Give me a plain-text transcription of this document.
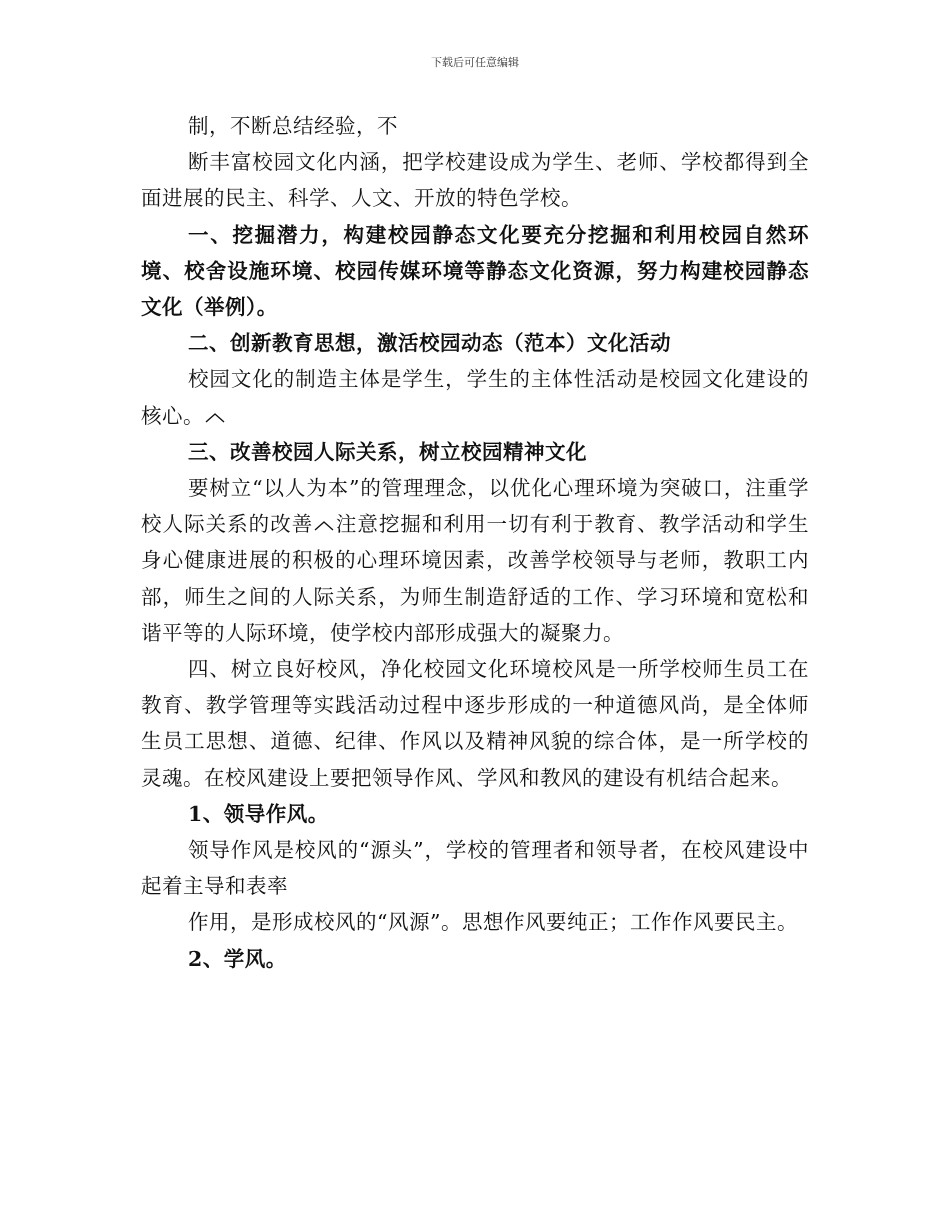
下载后可任意编辑

制，不断总结经验，不

断丰富校园文化内涵，把学校建设成为学生、老师、学校都得到全面进展的民主、科学、人文、开放的特色学校。

一、挖掘潜力，构建校园静态文化要充分挖掘和利用校园自然环境、校舍设施环境、校园传媒环境等静态文化资源，努力构建校园静态文化（举例）。

二、创新教育思想，激活校园动态（范本）文化活动

校园文化的制造主体是学生，学生的主体性活动是校园文化建设的核心。

三、改善校园人际关系，树立校园精神文化

要树立“以人为本”的管理理念，以优化心理环境为突破口，注重学校人际关系的改善 注意挖掘和利用一切有利于教育、教学活动和学生身心健康进展的积极的心理环境因素，改善学校领导与老师，教职工内部，师生之间的人际关系，为师生制造舒适的工作、学习环境和宽松和谐平等的人际环境，使学校内部形成强大的凝聚力。

四、树立良好校风，净化校园文化环境校风是一所学校师生员工在教育、教学管理等实践活动过程中逐步形成的一种道德风尚，是全体师生员工思想、道德、纪律、作风以及精神风貌的综合体，是一所学校的灵魂。在校风建设上要把领导作风、学风和教风的建设有机结合起来。

1、领导作风。

领导作风是校风的“源头”，学校的管理者和领导者，在校风建设中起着主导和表率

作用，是形成校风的“风源”。思想作风要纯正；工作作风要民主。

2、学风。
